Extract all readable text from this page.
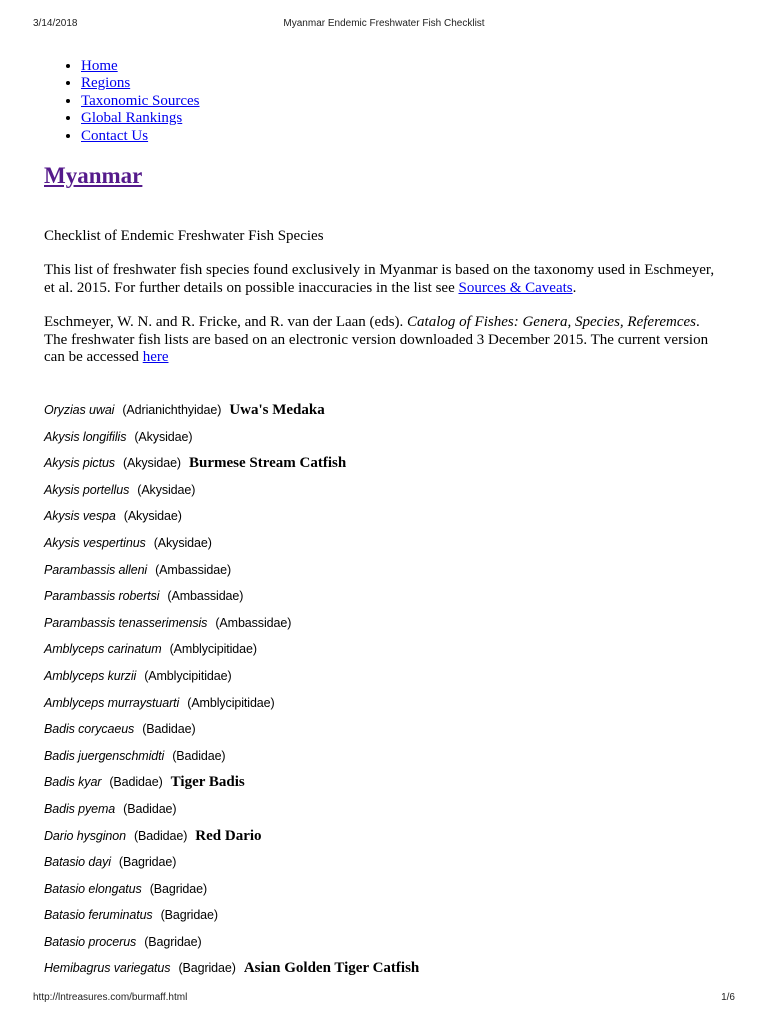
3/14/2018	Myanmar Endemic Freshwater Fish Checklist
• Home
• Regions
• Taxonomic Sources
• Global Rankings
• Contact Us
Myanmar

Checklist of Endemic Freshwater Fish Species

This list of freshwater fish species found exclusively in Myanmar is based on the taxonomy used in Eschmeyer, et al. 2015. For further details on possible inaccuracies in the list see Sources & Caveats.

Eschmeyer, W. N. and R. Fricke, and R. van der Laan (eds). Catalog of Fishes: Genera, Species, Referemces. The freshwater fish lists are based on an electronic version downloaded 3 December 2015. The current version can be accessed here

Oryzias uwai (Adrianichthyidae) Uwa's Medaka
Akysis longifilis (Akysidae)
Akysis pictus (Akysidae) Burmese Stream Catfish
Akysis portellus (Akysidae)
Akysis vespa (Akysidae)
Akysis vespertinus (Akysidae)
Parambassis alleni (Ambassidae)
Parambassis robertsi (Ambassidae)
Parambassis tenasserimensis (Ambassidae)
Amblyceps carinatum (Amblycipitidae)
Amblyceps kurzii (Amblycipitidae)
Amblyceps murraystuarti (Amblycipitidae)
Badis corycaeus (Badidae)
Badis juergenschmidti (Badidae)
Badis kyar (Badidae) Tiger Badis
Badis pyema (Badidae)
Dario hysginon (Badidae) Red Dario
Batasio dayi (Bagridae)
Batasio elongatus (Bagridae)
Batasio feruminatus (Bagridae)
Batasio procerus (Bagridae)
Hemibagrus variegatus (Bagridae) Asian Golden Tiger Catfish
http://lntreasures.com/burmaff.html	1/6
